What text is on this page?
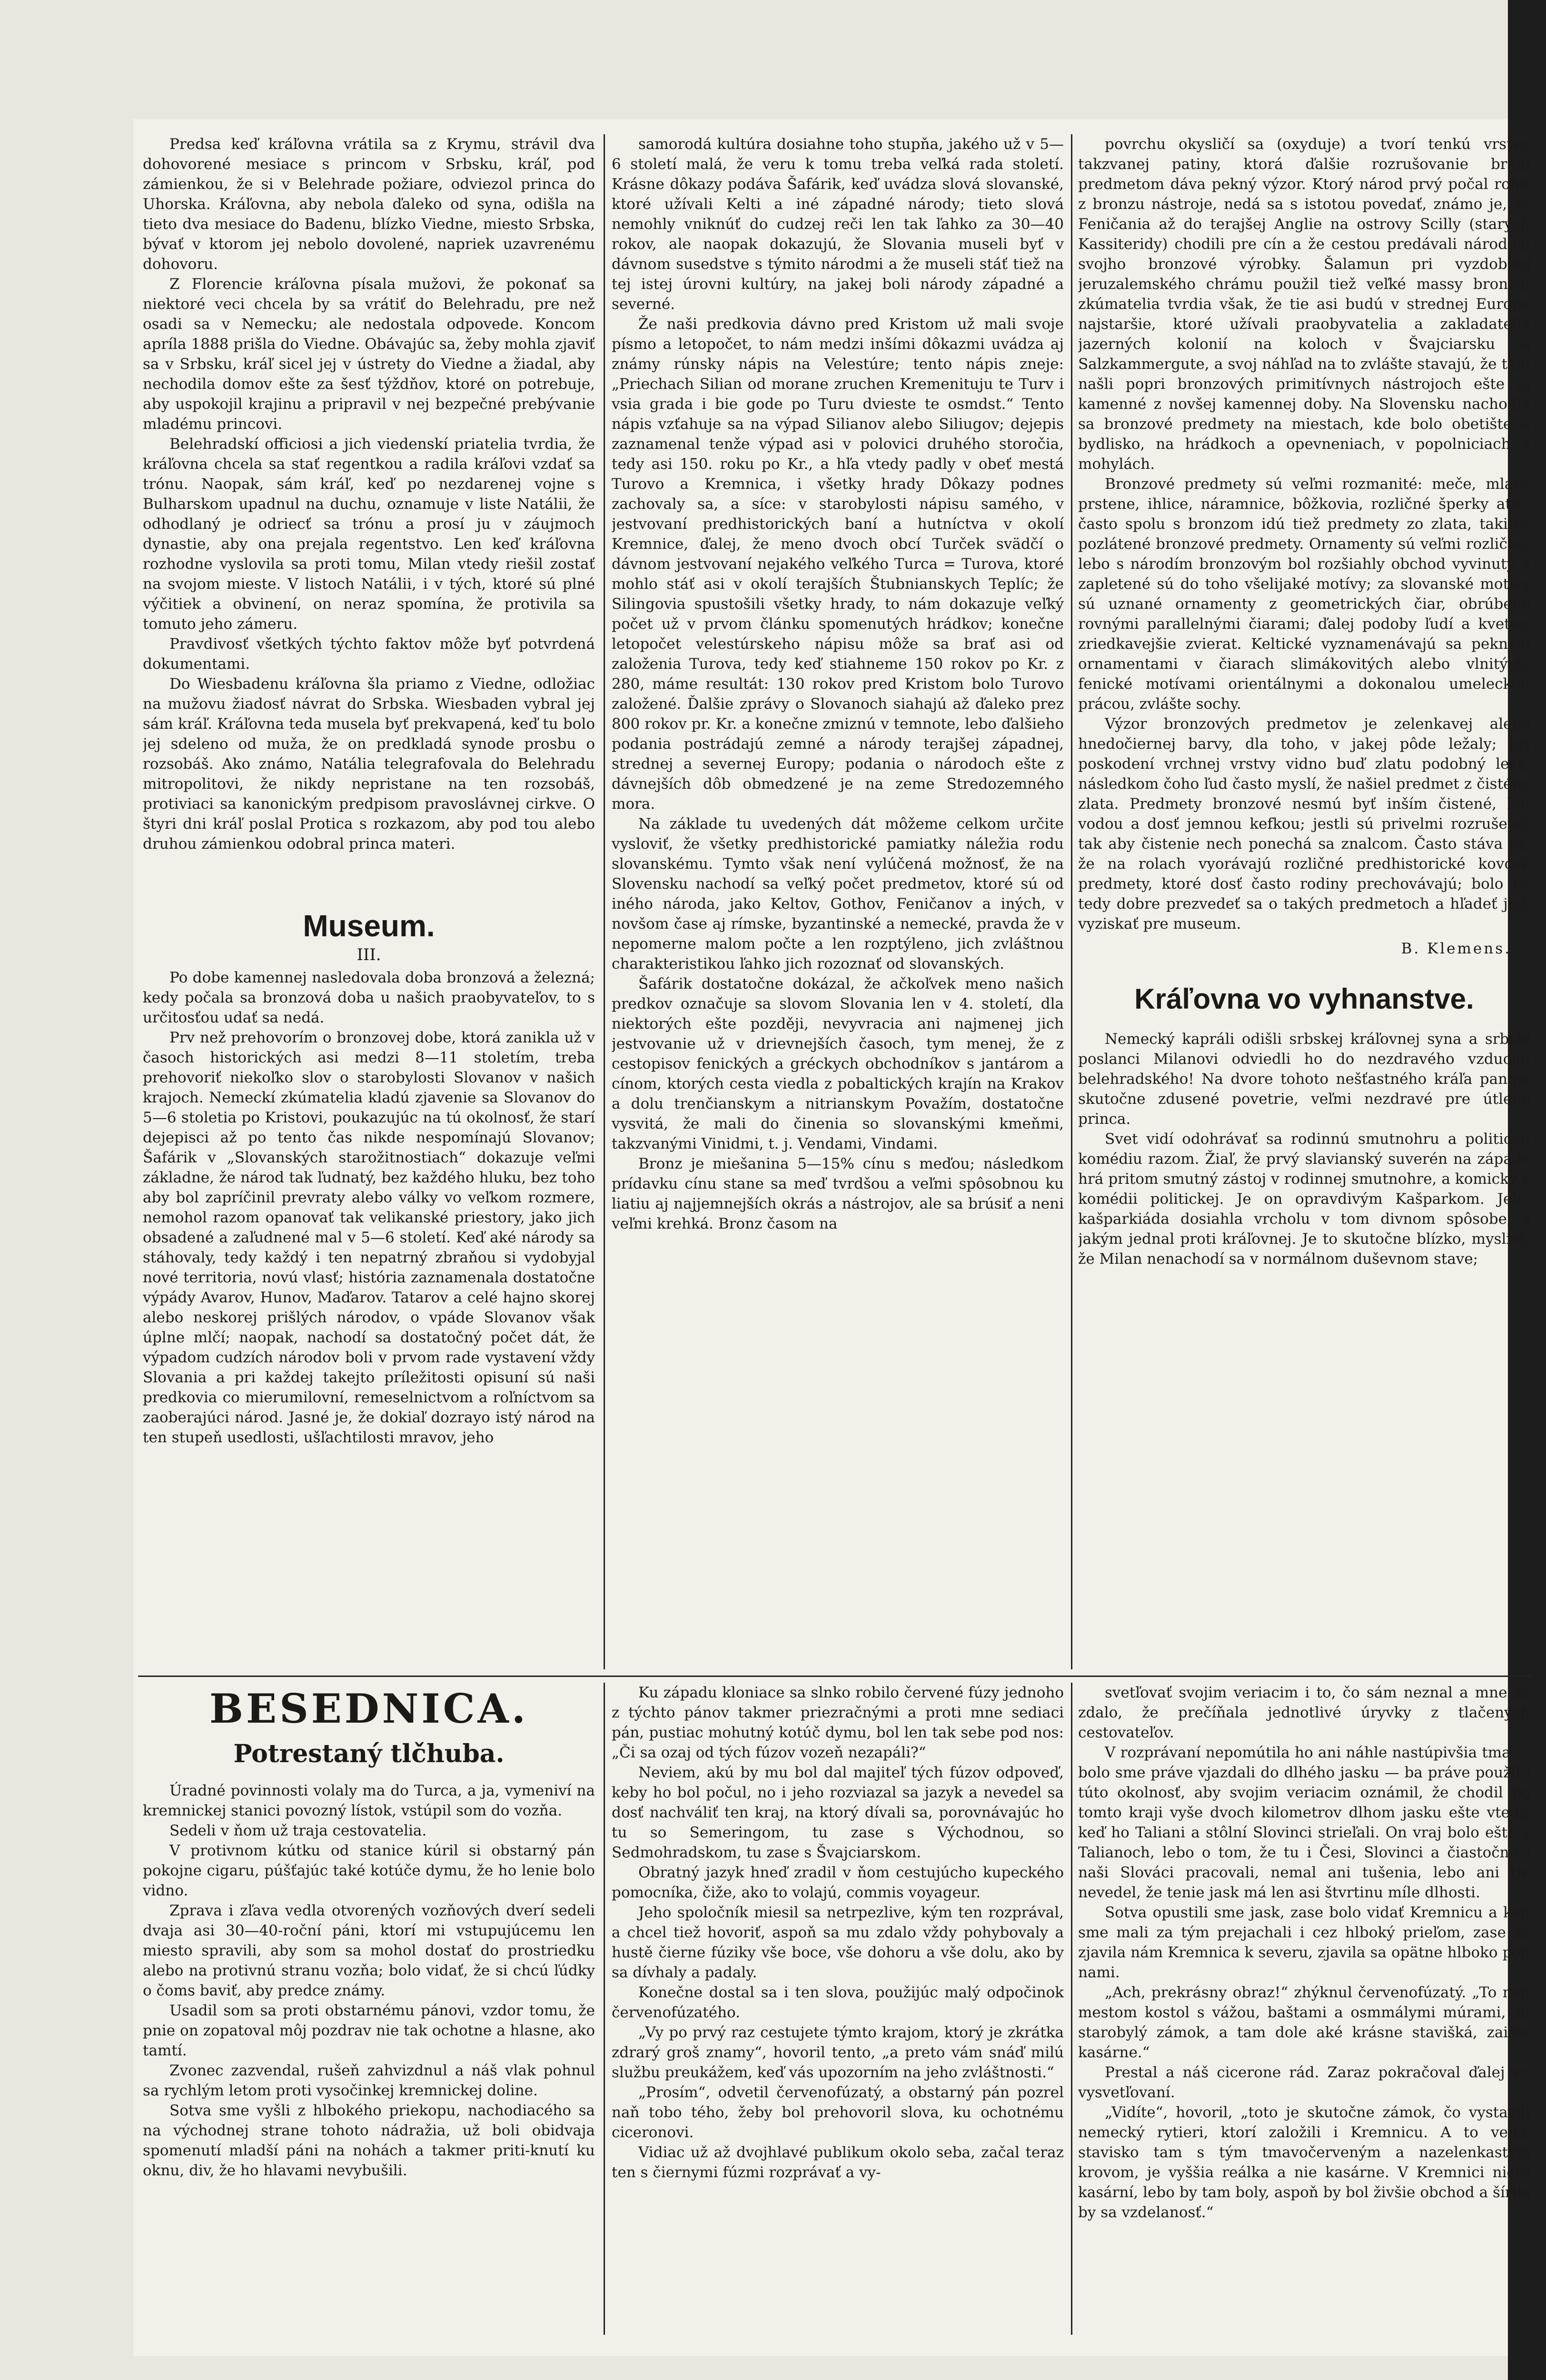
Predsa keď kráľovna vrátila sa z Krymu, strávil dva dohovorené mesiace s princom v Srbsku, kráľ, pod zámienkou, že si v Belehrade požiare, odviezol princa do Uhorska. Kráľovna, aby nebola ďaleko od syna, odišla na tieto dva mesiace do Badenu, blízko Viedne, miesto Srbska, bývať v ktorom jej nebolo dovolené, napriek uzavrenému dohovoru.

Z Florencie kráľovna písala mužovi, že pokonať sa niektoré veci chcela by sa vrátiť do Belehradu, pre než osadi sa v Nemecku; ale nedostala odpovede. Koncom apríla 1888 prišla do Viedne. Obávajúc sa, žeby mohla zjaviť sa v Srbsku, kráľ sicel jej v ústrety do Viedne a žiadal, aby nechodila domov ešte za šesť týždňov, ktoré on potrebuje, aby uspokojil krajinu a pripravil v nej bezpečné prebývanie mladému princovi.

Belehradskí officiosi a jich viedenskí priatelia tvrdia, že kráľovna chcela sa stať regentkou a radila kráľovi vzdať sa trónu. Naopak, sám kráľ, keď po nezdarenej vojne s Bulharskom upadnul na duchu, oznamuje v liste Natálii, že odhodlaný je odriecť sa trónu a prosí ju v záujmoch dynastie, aby ona prejala regentstvo. Len keď kráľovna rozhodne vyslovila sa proti tomu, Milan vtedy riešil zostať na svojom mieste. V listoch Natálii, i v tých, ktoré sú plné výčitiek a obvinení, on neraz spomína, že protivila sa tomuto jeho zámeru.

Pravdivosť všetkých týchto faktov môže byť potvrdená dokumentami.

Do Wiesbadenu kráľovna šla priamo z Viedne, odložiac na mužovu žiadosť návrat do Srbska. Wiesbaden vybral jej sám kráľ. Kráľovna teda musela byť prekvapená, keď tu bolo jej sdeleno od muža, že on predkladá synode prosbu o rozsobáš. Ako známo, Natália telegrafovala do Belehradu mitropolitovi, že nikdy nepristane na ten rozsobáš, protiviaci sa kanonickým predpisom pravoslávnej cirkve. O štyri dni kráľ poslal Protica s rozkazom, aby pod tou alebo druhou zámienkou odobral princa materi.

Museum.

III.

Po dobe kamennej nasledovala doba bronzová a železná; kedy počala sa bronzová doba u našich praobyvateľov, to s určitosťou udať sa nedá.

Prv než prehovorím o bronzovej dobe, ktorá zanikla už v časoch historických asi medzi 8—11 stoletím, treba prehovoriť niekoľko slov o starobylosti Slovanov v našich krajoch. Nemeckí zkúmatelia kladú zjavenie sa Slovanov do 5—6 stoletia po Kristovi, poukazujúc na tú okolnosť, že starí dejepisci až po tento čas nikde nespomínajú Slovanov; Šafárik v „Slovanských starožitnostiach“ dokazuje veľmi základne, že národ tak ľudnatý, bez každého hluku, bez toho aby bol zapríčinil prevraty alebo války vo veľkom rozmere, nemohol razom opanovať tak velikanské priestory, jako jich obsadené a zaľudnené mal v 5—6 století. Keď aké národy sa stáhovaly, tedy každý i ten nepatrný zbraňou si vydobyjal nové territoria, novú vlasť; história zaznamenala dostatočne výpády Avarov, Hunov, Maďarov. Tatarov a celé hajno skorej alebo neskorej prišlých národov, o vpáde Slovanov však úplne mlčí; naopak, nachodí sa dostatočný počet dát, že výpadom cudzích národov boli v prvom rade vystavení vždy Slovania a pri každej takejto príležitosti opisuní sú naši predkovia co mierumilovní, remeselnictvom a roľníctvom sa zaoberajúci národ. Jasné je, že dokiaľ dozrayo istý národ na ten stupeň usedlosti, ušľachtilosti mravov, jeho

samorodá kultúra dosiahne toho stupňa, jakého už v 5—6 století malá, že veru k tomu treba veľká rada století. Krásne dôkazy podáva Šafárik, keď uvádza slová slovanské, ktoré užívali Kelti a iné západné národy; tieto slová nemohly vniknúť do cudzej reči len tak ľahko za 30—40 rokov, ale naopak dokazujú, že Slovania museli byť v dávnom susedstve s týmito národmi a že museli stáť tiež na tej istej úrovni kultúry, na jakej boli národy západné a severné.

Že naši predkovia dávno pred Kristom už mali svoje písmo a letopočet, to nám medzi inšími dôkazmi uvádza aj známy rúnsky nápis na Velestúre; tento nápis zneje: „Priechach Silian od morane zruchen Kremenituju te Turv i vsia grada i bie gode po Turu dvieste te osmdst.“ Tento nápis vzťahuje sa na výpad Silianov alebo Siliugov; dejepis zaznamenal tenže výpad asi v polovici druhého storočia, tedy asi 150. roku po Kr., a hľa vtedy padly v obeť mestá Turovo a Kremnica, i všetky hrady Dôkazy podnes zachovaly sa, a síce: v starobylosti nápisu samého, v jestvovaní predhistorických baní a hutníctva v okolí Kremnice, ďalej, že meno dvoch obcí Turček svädčí o dávnom jestvovaní nejakého veľkého Turca = Turova, ktoré mohlo stáť asi v okolí terajších Štubnianskych Teplíc; že Silingovia spustošili všetky hrady, to nám dokazuje veľký počet už v prvom článku spomenutých hrádkov; konečne letopočet velestúrskeho nápisu môže sa brať asi od založenia Turova, tedy keď stiahneme 150 rokov po Kr. z 280, máme resultát: 130 rokov pred Kristom bolo Turovo založené. Ďalšie zprávy o Slovanoch siahajú až ďaleko prez 800 rokov pr. Kr. a konečne zmiznú v temnote, lebo ďalšieho podania postrádajú zemné a národy terajšej západnej, strednej a severnej Europy; podania o národoch ešte z dávnejších dôb obmedzené je na zeme Stredozemného mora.

Na základe tu uvedených dát môžeme celkom určite vysloviť, že všetky predhistorické pamiatky náležia rodu slovanskému. Tymto však není vylúčená možnosť, že na Slovensku nachodí sa veľký počet predmetov, ktoré sú od iného národa, jako Keltov, Gothov, Feničanov a iných, v novšom čase aj rímske, byzantinské a nemecké, pravda že v nepomerne malom počte a len rozptýleno, jich zvláštnou charakteristikou ľahko jich rozoznať od slovanských.

Šafárik dostatočne dokázal, že ačkoľvek meno našich predkov označuje sa slovom Slovania len v 4. století, dla niektorých ešte později, nevyvracia ani najmenej jich jestvovanie už v drievnejších časoch, tym menej, že z cestopisov fenických a gréckych obchodníkov s jantárom a cínom, ktorých cesta viedla z pobaltických krajín na Krakov a dolu trenčianskym a nitrianskym Považím, dostatočne vysvitá, že mali do činenia so slovanskými kmeňmi, takzvanými Vinidmi, t. j. Vendami, Vindami.

Bronz je miešanina 5—15% cínu s meďou; následkom prídavku cínu stane sa meď tvrdšou a veľmi spôsobnou ku liatiu aj najjemnejších okrás a nástrojov, ale sa brúsiť a neni veľmi krehká. Bronz časom na

povrchu okysličí sa (oxyduje) a tvorí tenkú vrstvu takzvanej patiny, ktorá ďalšie rozrušovanie bráni predmetom dáva pekný výzor. Ktorý národ prvý počal robiť z bronzu nástroje, nedá sa s istotou povedať, známo je, že Feničania až do terajšej Anglie na ostrovy Scilly (starých Kassiteridy) chodili pre cín a že cestou predávali národom svojho bronzové výrobky. Šalamun pri vyzdobení jeruzalemského chrámu použil tiež veľké massy bronzu; zkúmatelia tvrdia však, že tie asi budú v strednej Europe najstaršie, ktoré užívali praobyvatelia a zakladatelia jazerných kolonií na koloch v Švajciarsku a Salzkammergute, a svoj náhľad na to zvlášte stavajú, že tam našli popri bronzových primitívnych nástrojoch ešte aj kamenné z novšej kamennej doby. Na Slovensku nachodia sa bronzové predmety na miestach, kde bolo obetište a bydlisko, na hrádkoch a opevneniach, v popolniciach a mohylách.

Bronzové predmety sú veľmi rozmanité: meče, mlaty, prstene, ihlice, náramnice, bôžkovia, rozličné šperky atď.; často spolu s bronzom idú tiež predmety zo zlata, takitež pozlátené bronzové predmety. Ornamenty sú veľmi rozličné, lebo s národím bronzovým bol rozšiahly obchod vyvinutý a zapletené sú do toho všelijaké motívy; za slovanské motívy sú uznané ornamenty z geometrických čiar, obrúbené rovnými parallelnými čiarami; ďalej podoby ľudí a kvetov, zriedkavejšie zvierat. Keltické vyznamenávajú sa pekným ornamentami v čiarach slimákovitých alebo vlnitých, fenické motívami orientálnymi a dokonalou umeleckou prácou, zvlášte sochy.

Výzor bronzových predmetov je zelenkavej alebo hnedočiernej barvy, dla toho, v jakej pôde ležaly; pri poskodení vrchnej vrstvy vidno buď zlatu podobný lesk, následkom čoho ľud často myslí, že našiel predmet z čistého zlata. Predmety bronzové nesmú byť inším čistené, len vodou a dosť jemnou kefkou; jestli sú privelmi rozrušené, tak aby čistenie nech ponechá sa znalcom. Často stáva sa, že na rolach vyorávajú rozličné predhistorické kovové predmety, ktoré dosť často rodiny prechovávajú; bolo by tedy dobre prezvedeť sa o takých predmetoch a hľadeť jich vyziskať pre museum.

B. Klemens.

Kráľovna vo vyhnanstve.

Nemecký kapráli odišli srbskej kráľovnej syna a srbskí poslanci Milanovi odviedli ho do nezdravého vzduchu belehradského! Na dvore tohoto nešťastného kráľa panuje skutočne zdusené povetrie, veľmi nezdravé pre útleho princa.

Svet vidí odohrávať sa rodinnú smutnohru a politickú komédiu razom. Žiaľ, že prvý slavianský suverén na západe hrá pritom smutný zástoj v rodinnej smutnohre, a komický v komédii politickej. Je on opravdivým Kašparkom. Jeho kašparkiáda dosiahla vrcholu v tom divnom spôsobe, s jakým jednal proti kráľovnej. Je to skutočne blízko, myslieť, že Milan nenachodí sa v normálnom duševnom stave;

BESEDNICA.

Potrestaný tlčhuba.

Úradné povinnosti volaly ma do Turca, a ja, vymeniví na kremnickej stanici povozný lístok, vstúpil som do vozňa.

Sedeli v ňom už traja cestovatelia.

V protivnom kútku od stanice kúril si obstarný pán pokojne cigaru, púšťajúc také kotúče dymu, že ho lenie bolo vidno.

Zprava i zľava vedla otvorených vozňových dverí sedeli dvaja asi 30—40-roční páni, ktorí mi vstupujúcemu len miesto spravili, aby som sa mohol dostať do prostriedku alebo na protivnú stranu vozňa; bolo vidať, že si chcú ľúdky o čoms baviť, aby predce známy.

Usadil som sa proti obstarnému pánovi, vzdor tomu, že pnie on zopatoval môj pozdrav nie tak ochotne a hlasne, ako tamtí.

Zvonec zazvendal, rušeň zahvizdnul a náš vlak pohnul sa rychlým letom proti vysočinkej kremnickej doline.

Sotva sme vyšli z hlbokého priekopu, nachodiacého sa na východnej strane tohoto nádražia, už boli obidvaja spomenutí mladší páni na nohách a takmer priti-knutí ku oknu, div, že ho hlavami nevybušili.

Ku západu kloniace sa slnko robilo červené fúzy jednoho z týchto pánov takmer priezračnými a proti mne sediaci pán, pustiac mohutný kotúč dymu, bol len tak sebe pod nos: „Či sa ozaj od tých fúzov vozeň nezapáli?“

Neviem, akú by mu bol dal majiteľ tých fúzov odpoveď, keby ho bol počul, no i jeho rozviazal sa jazyk a nevedel sa dosť nachváliť ten kraj, na ktorý dívali sa, porovnávajúc ho tu so Semeringom, tu zase s Východnou, so Sedmohradskom, tu zase s Švajciarskom.

Obratný jazyk hneď zradil v ňom cestujúcho kupeckého pomocníka, čiže, ako to volajú, commis voyageur.

Jeho spoločník miesil sa netrpezlive, kým ten rozprával, a chcel tiež hovoriť, aspoň sa mu zdalo vždy pohybovaly a hustě čierne fúziky vše boce, vše dohoru a vše dolu, ako by sa dívhaly a padaly.

Konečne dostal sa i ten slova, použijúc malý odpočinok červenofúzatého.

„Vy po prvý raz cestujete týmto krajom, ktorý je zkrátka zdrarý groš znamy“, hovoril tento, „a preto vám snáď milú službu preukážem, keď vás upozorním na jeho zvláštnosti.“

„Prosím“, odvetil červenofúzatý, a obstarný pán pozrel naň tobo tého, žeby bol prehovoril slova, ku ochotnému ciceronovi.

Vidiac už až dvojhlavé publikum okolo seba, začal teraz ten s čiernymi fúzmi rozprávať a vy-

svetľovať svojim veriacim i to, čo sám neznal a mne sa zdalo, že prečíňala jednotlivé úryvky z tlačených cestovateľov.

V rozprávaní nepomútila ho ani náhle nastúpivšia tma — bolo sme práve vjazdali do dlhého jasku — ba práve použil i túto okolnosť, aby svojim veriacim oznámil, že chodil po tomto kraji vyše dvoch kilometrov dlhom jasku ešte vtedy, keď ho Taliani a stôlní Slovinci strieľali. On vraj bolo ešte v Talianoch, lebo o tom, že tu i Česi, Slovinci a čiastočne i naši Slováci pracovali, nemal ani tušenia, lebo ani tie nevedel, že tenie jask má len asi štvrtinu míle dlhosti.

Sotva opustili sme jask, zase bolo vidať Kremnicu a keď sme mali za tým prejachali i cez hlboký prieľom, zase sa zjavila nám Kremnica k severu, zjavila sa opätne hlboko pod nami.

„Ach, prekrásny obraz!“ zhýknul červenofúzatý. „To nad mestom kostol s vážou, baštami a osmmálymi múrami, sú starobylý zámok, a tam dole aké krásne stavišká, zaiste kasárne.“

Prestal a náš cicerone rád. Zaraz pokračoval ďalej vo vysvetľovaní.

„Vidíte“, hovoril, „toto je skutočne zámok, čo vystavili nemecký rytieri, ktorí založili i Kremnicu. A to veľké stavisko tam s tým tmavočerveným a nazelenkastým krovom, je vyššia reálka a nie kasárne. V Kremnici nieto kasární, lebo by tam boly, aspoň by bol živšie obchod a šírila by sa vzdelanosť.“
